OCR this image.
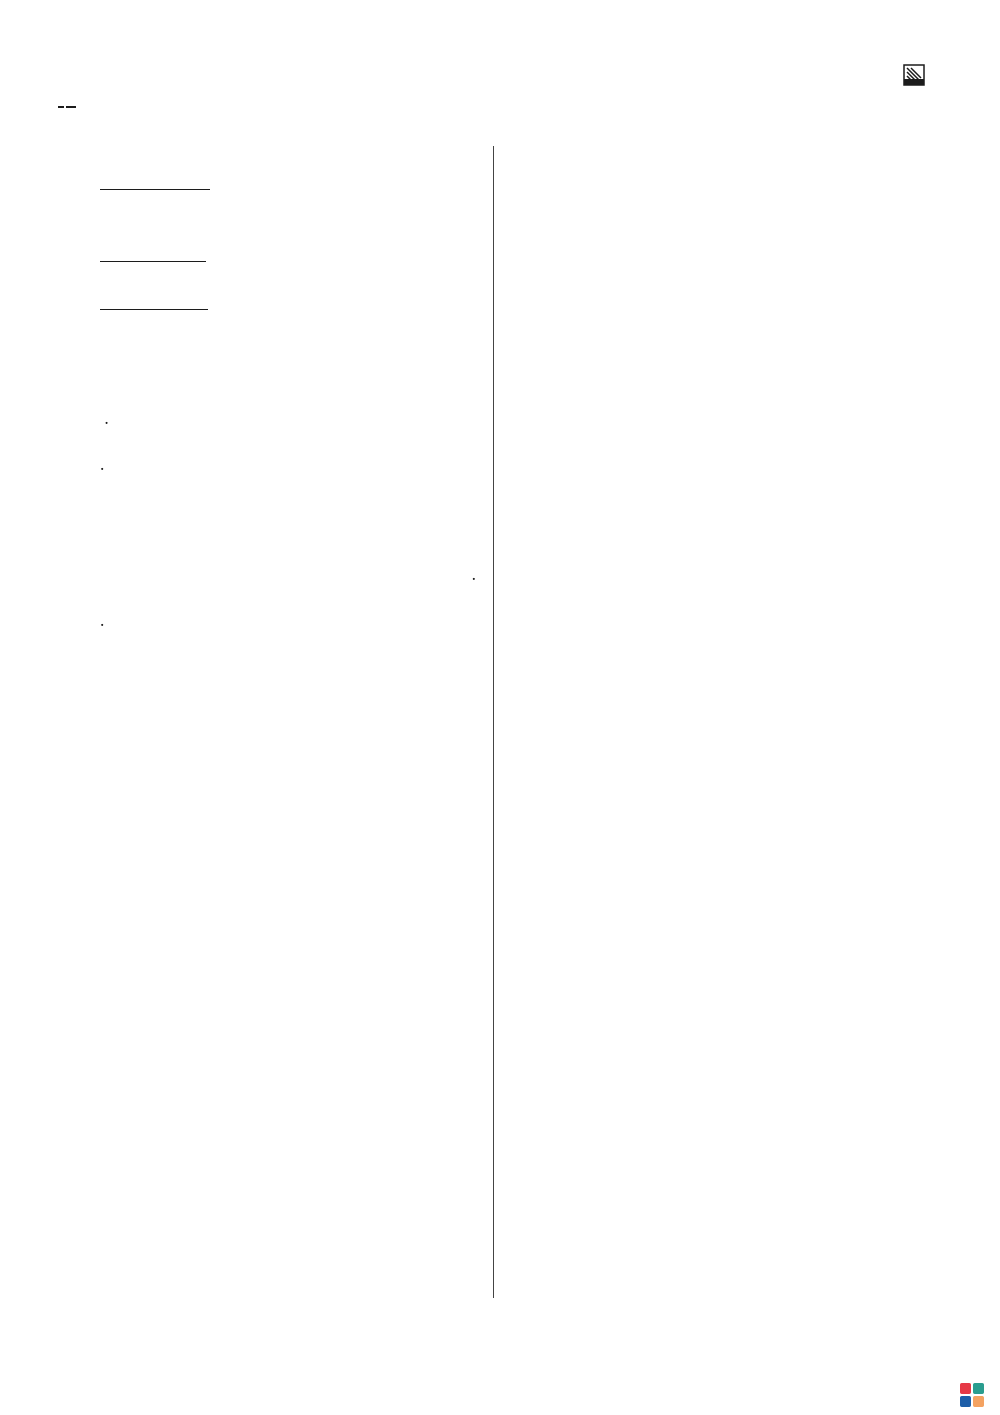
.
.
.
.
